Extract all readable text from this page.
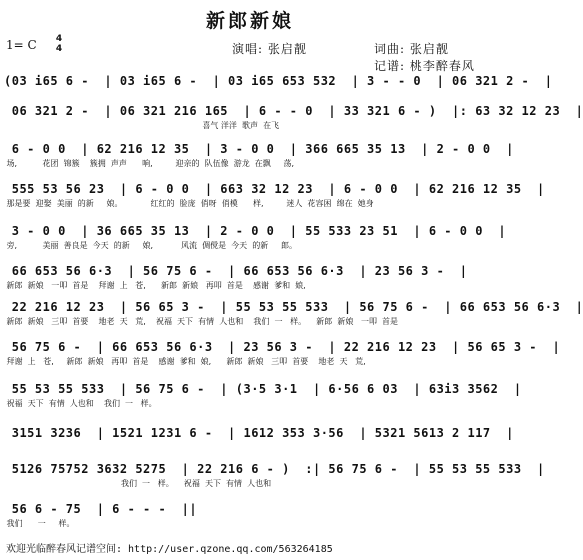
新郎新娘
1= C	4
4	演唱: 张启靓	词曲: 张启靓
记谱: 桃李醉春风
(03 i65 6 -  | 03 i65 6 -  | 03 i65 653 532  | 3 - - 0  | 06 321 2 -  |
06 321 2 -  | 06 321 216 165  | 6 - - 0  | 33 321 6 - )  |: 63 32 12 23  |
喜气 洋洋  歌声  在飞
6 - 0 0  | 62 216 12 35  | 3 - 0 0  | 366 665 35 13  | 2 - 0 0  |
场,          花团  锦簇    簇拥  声声      响,         迎亲的  队伍像  游龙  在飘     荡,
555 53 56 23  | 6 - 0 0  | 663 32 12 23  | 6 - 0 0  | 62 216 12 35  |
那是要  迎娶  美丽  的新     娘。           红红的  脸庞  俏呀  俏模      样,         迷人  花容困  绵在  她身
3 - 0 0  | 36 665 35 13  | 2 - 0 0  | 55 533 23 51  | 6 - 0 0  |
旁,          美丽  善良是  今天  的新     娘,           风流  倜傥是  今天  的新     郎。
66 653 56 6·3  | 56 75 6 -  | 66 653 56 6·3  | 23 56 3 -  |
新郎  新娘   一叩  首是    拜谢  上   苍,      新郎  新娘   再叩  首是    感谢  爹和  娘,
22 216 12 23  | 56 65 3 -  | 55 53 55 533  | 56 75 6 -  | 66 653 56 6·3  |
新郎  新娘   三叩  首要    地老  天   荒,    祝福  天下  有情  人也和    我们  一   样。    新郎  新娘   一叩  首是
56 75 6 -  | 66 653 56 6·3  | 23 56 3 -  | 22 216 12 23  | 56 65 3 -  |
拜谢  上   苍,     新郎  新娘   再叩  首是    感谢  爹和  娘,      新郎  新娘   三叩  首要    地老  天   荒,
55 53 55 533  | 56 75 6 -  | (3·5 3·1  | 6·56 6 03  | 63i3 3562  |
祝福  天下  有情  人也和    我们  一   样。
3151 3236  | 1521 1231 6 -  | 1612 353 3·56  | 5321 5613 2 117  |
5126 75752 3632 5275  | 22 216 6 - )  :| 56 75 6 -  | 55 53 55 533  |
我们  一   样。    祝福  天下  有情  人也和
56 6 - 75  | 6 - - -  ||
我们      一     样。
欢迎光临醉春风记谱空间: http://user.qzone.qq.com/563264185
